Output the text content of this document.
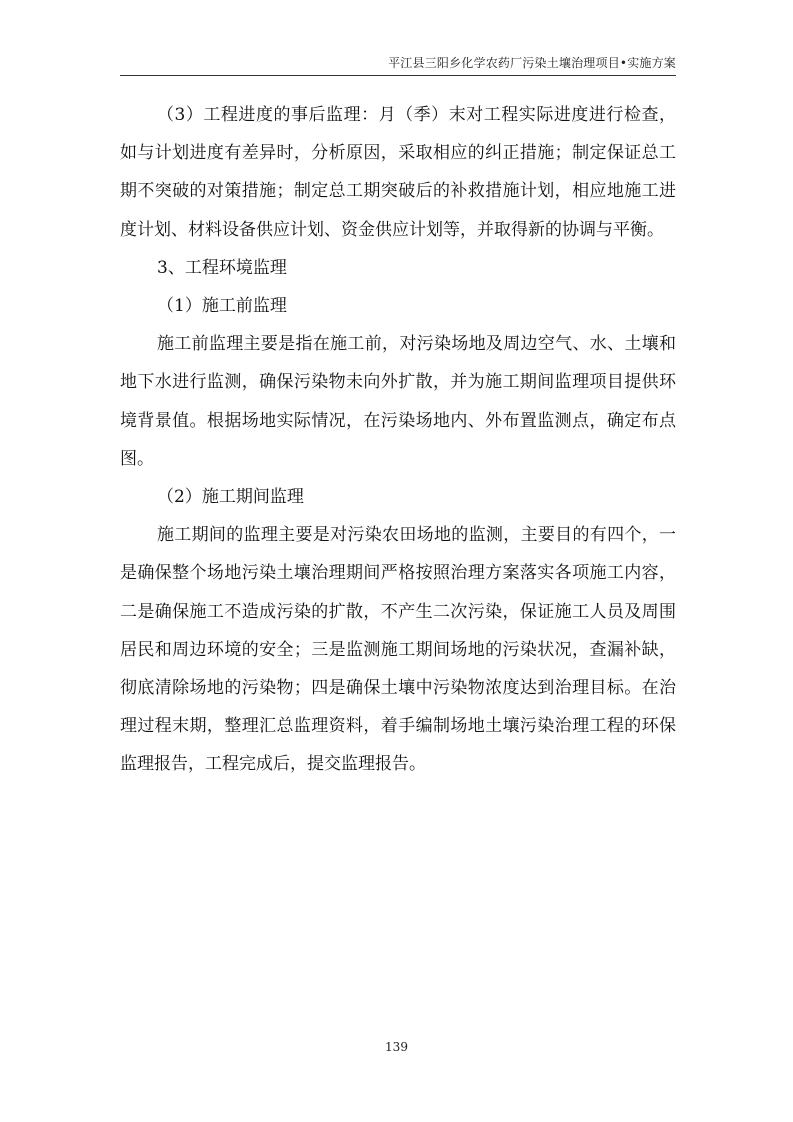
平江县三阳乡化学农药厂污染土壤治理项目•实施方案

（3）工程进度的事后监理：月（季）末对工程实际进度进行检查，如与计划进度有差异时，分析原因，采取相应的纠正措施；制定保证总工期不突破的对策措施；制定总工期突破后的补救措施计划，相应地施工进度计划、材料设备供应计划、资金供应计划等，并取得新的协调与平衡。

3、工程环境监理

（1）施工前监理

施工前监理主要是指在施工前，对污染场地及周边空气、水、土壤和地下水进行监测，确保污染物未向外扩散，并为施工期间监理项目提供环境背景值。根据场地实际情况，在污染场地内、外布置监测点，确定布点图。

（2）施工期间监理

施工期间的监理主要是对污染农田场地的监测，主要目的有四个，一是确保整个场地污染土壤治理期间严格按照治理方案落实各项施工内容，二是确保施工不造成污染的扩散，不产生二次污染，保证施工人员及周围居民和周边环境的安全；三是监测施工期间场地的污染状况，查漏补缺，彻底清除场地的污染物；四是确保土壤中污染物浓度达到治理目标。在治理过程末期，整理汇总监理资料，着手编制场地土壤污染治理工程的环保监理报告，工程完成后，提交监理报告。

139
